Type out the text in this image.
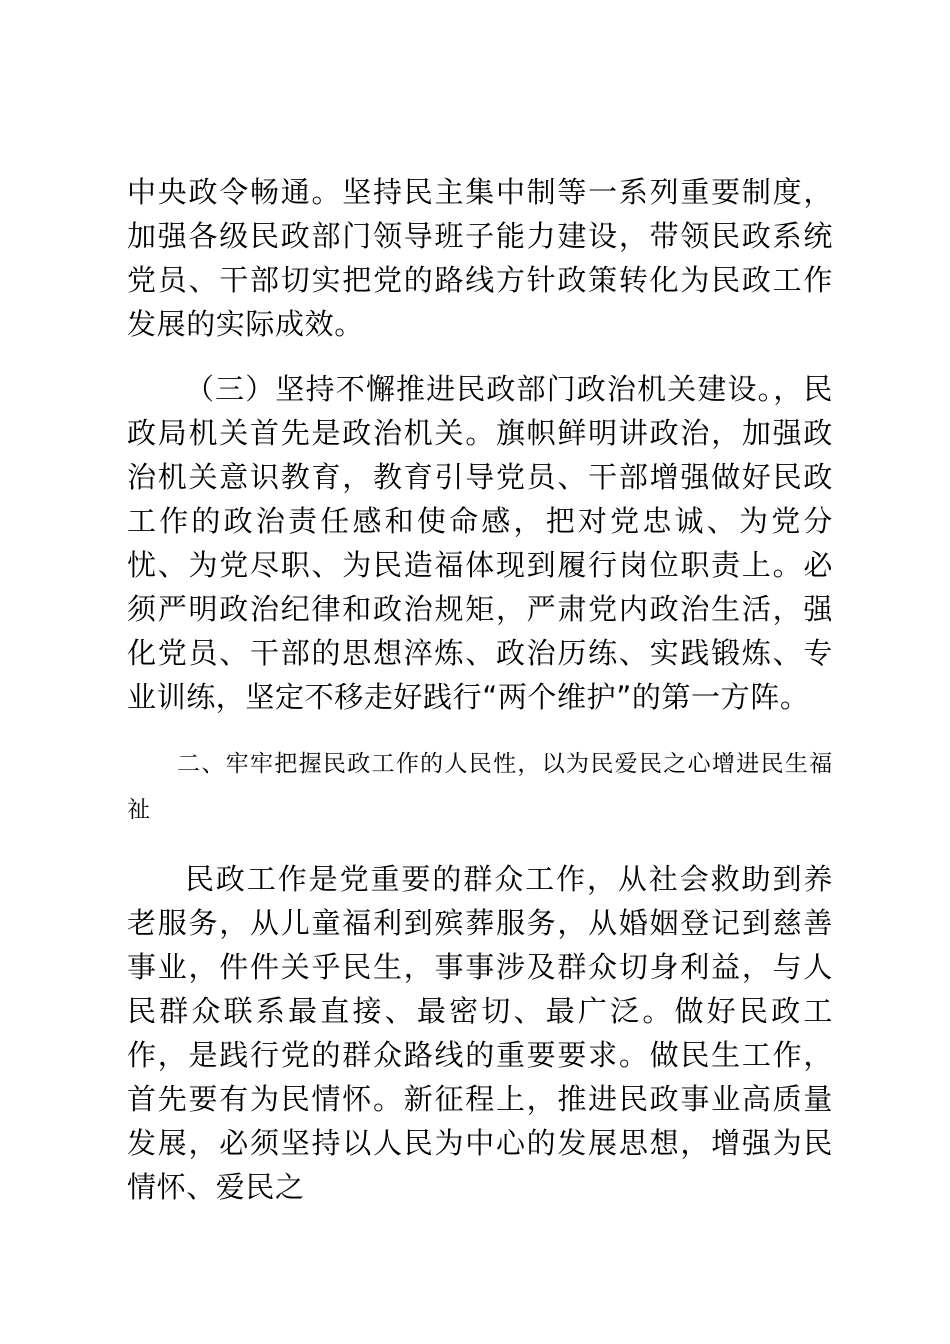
中央政令畅通。坚持民主集中制等一系列重要制度，加强各级民政部门领导班子能力建设，带领民政系统党员、干部切实把党的路线方针政策转化为民政工作发展的实际成效。

（三）坚持不懈推进民政部门政治机关建设。，民政局机关首先是政治机关。旗帜鲜明讲政治，加强政治机关意识教育，教育引导党员、干部增强做好民政工作的政治责任感和使命感，把对党忠诚、为党分忧、为党尽职、为民造福体现到履行岗位职责上。必须严明政治纪律和政治规矩，严肃党内政治生活，强化党员、干部的思想淬炼、政治历练、实践锻炼、专业训练，坚定不移走好践行“两个维护”的第一方阵。

二、牢牢把握民政工作的人民性，以为民爱民之心增进民生福祉

民政工作是党重要的群众工作，从社会救助到养老服务，从儿童福利到殡葬服务，从婚姻登记到慈善事业，件件关乎民生，事事涉及群众切身利益，与人民群众联系最直接、最密切、最广泛。做好民政工作，是践行党的群众路线的重要要求。做民生工作，首先要有为民情怀。新征程上，推进民政事业高质量发展，必须坚持以人民为中心的发展思想，增强为民情怀、爱民之
